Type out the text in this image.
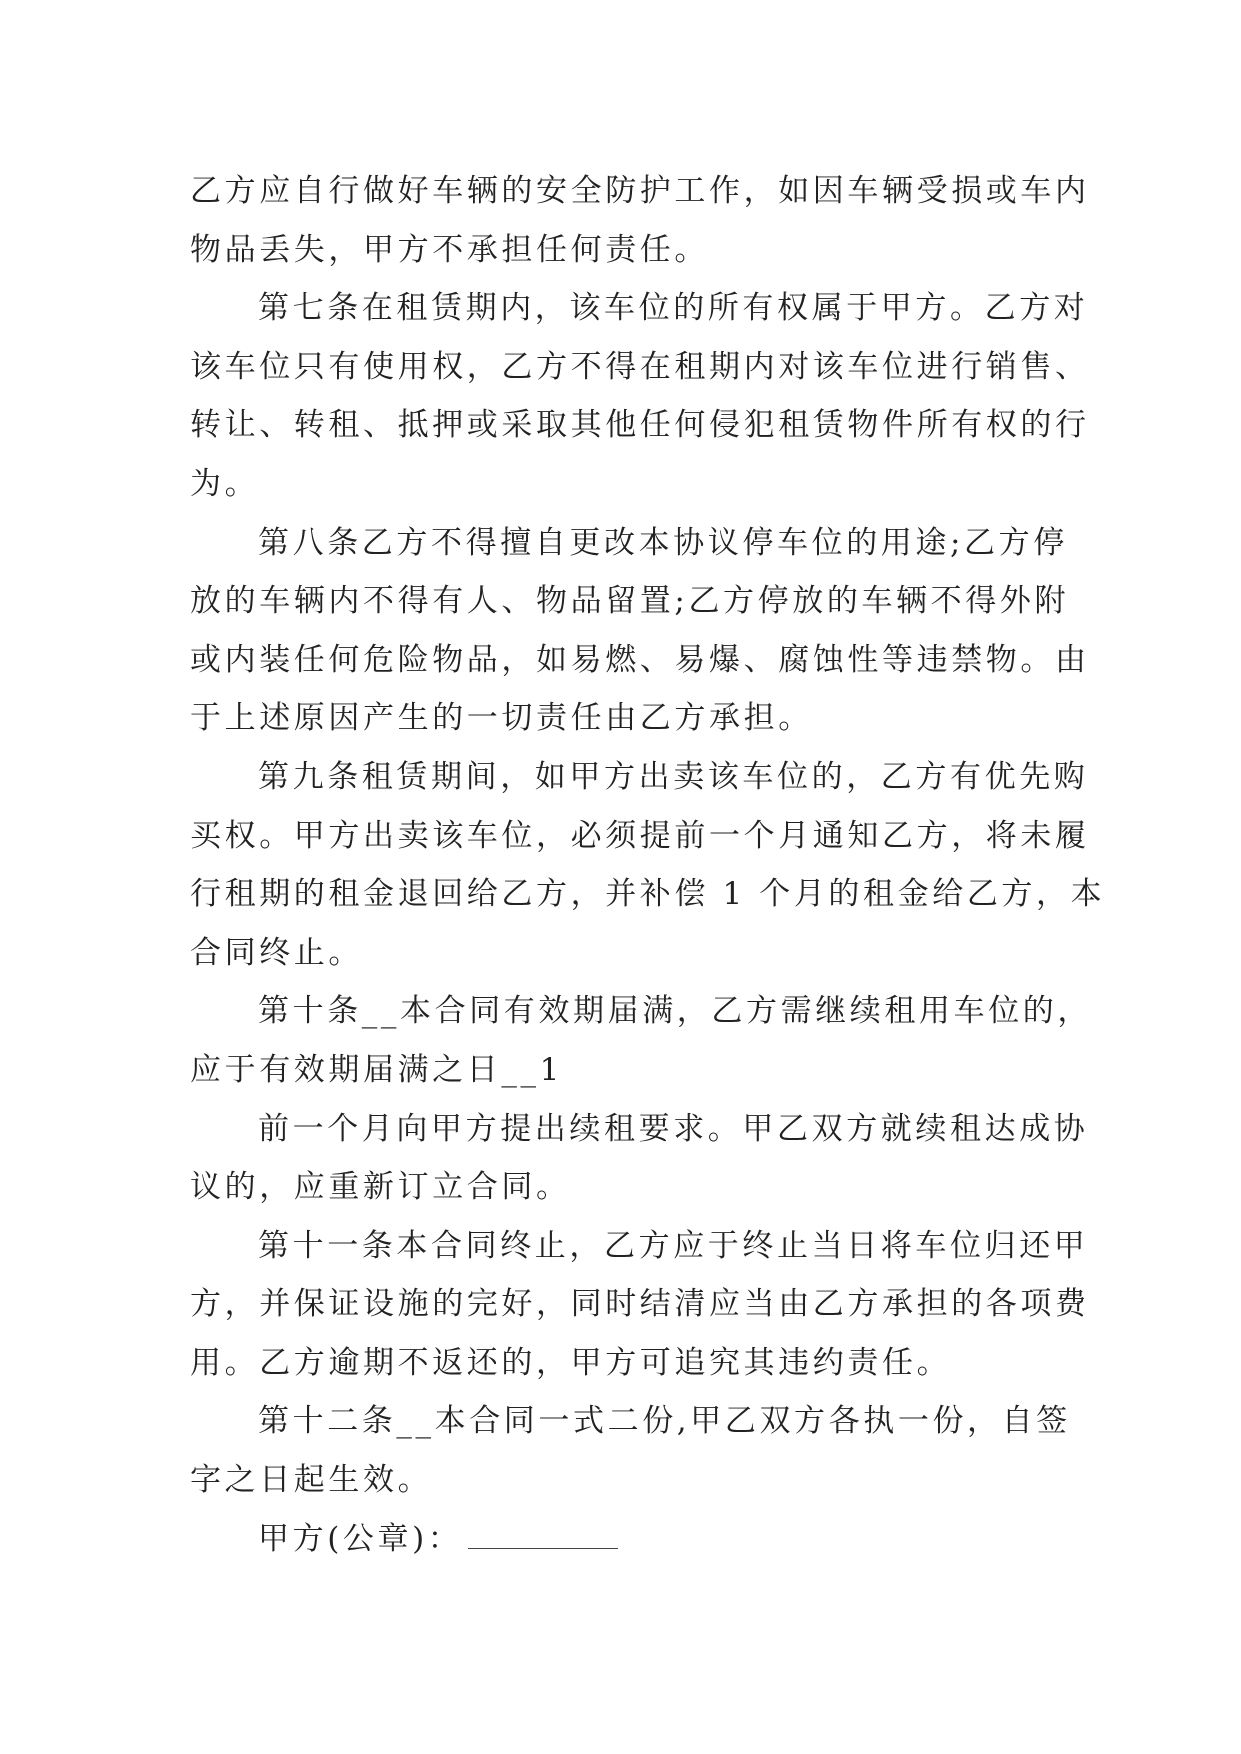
乙方应自行做好车辆的安全防护工作，如因车辆受损或车内
物品丢失，甲方不承担任何责任。
第七条在租赁期内，该车位的所有权属于甲方。乙方对
该车位只有使用权，乙方不得在租期内对该车位进行销售、
转让、转租、抵押或采取其他任何侵犯租赁物件所有权的行
为。
第八条乙方不得擅自更改本协议停车位的用途;乙方停
放的车辆内不得有人、物品留置;乙方停放的车辆不得外附
或内装任何危险物品，如易燃、易爆、腐蚀性等违禁物。由
于上述原因产生的一切责任由乙方承担。
第九条租赁期间，如甲方出卖该车位的，乙方有优先购
买权。甲方出卖该车位，必须提前一个月通知乙方，将未履
行租期的租金退回给乙方，并补偿 1 个月的租金给乙方，本
合同终止。
第十条__本合同有效期届满，乙方需继续租用车位的，
应于有效期届满之日__1
前一个月向甲方提出续租要求。甲乙双方就续租达成协
议的，应重新订立合同。
第十一条本合同终止，乙方应于终止当日将车位归还甲
方，并保证设施的完好，同时结清应当由乙方承担的各项费
用。乙方逾期不返还的，甲方可追究其违约责任。
第十二条__本合同一式二份,甲乙双方各执一份，自签
字之日起生效。
甲方(公章)：
